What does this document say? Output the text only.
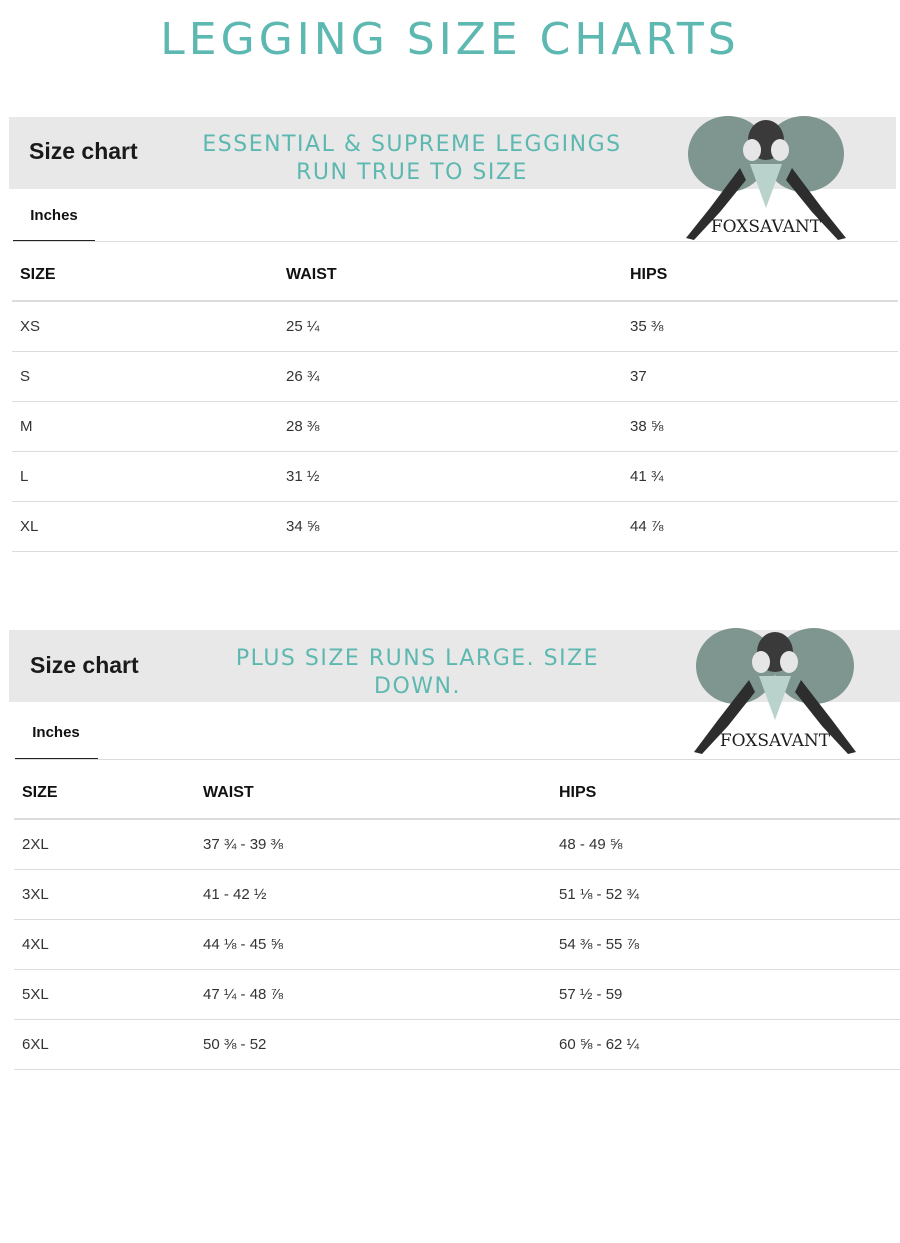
LEGGING SIZE CHARTS
Size chart	ESSENTIAL & SUPREME LEGGINGS
RUN TRUE TO SIZE
FOXSAVANT
Inches
SIZE	WAIST	HIPS
XS	25 ¼	35 ⅜
S	26 ¾	37
M	28 ⅜	38 ⅝
L	31 ½	41 ¾
XL	34 ⅝	44 ⅞
Size chart	PLUS SIZE RUNS LARGE. SIZE DOWN.
FOXSAVANT
Inches
SIZE	WAIST	HIPS
2XL	37 ¾ - 39 ⅜	48 - 49 ⅝
3XL	41 - 42 ½	51 ⅛ - 52 ¾
4XL	44 ⅛ - 45 ⅝	54 ⅜ - 55 ⅞
5XL	47 ¼ - 48 ⅞	57 ½ - 59
6XL	50 ⅜ - 52	60 ⅝ - 62 ¼
